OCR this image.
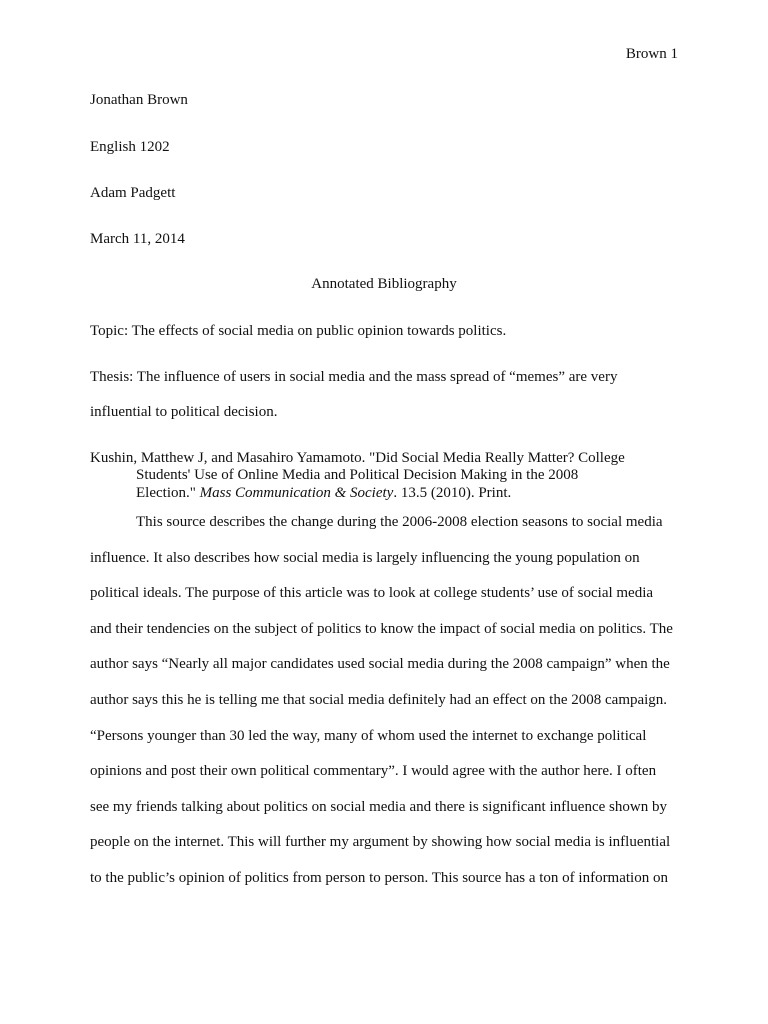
Brown 1
Jonathan Brown
English 1202
Adam Padgett
March 11, 2014
Annotated Bibliography
Topic: The effects of social media on public opinion towards politics.
Thesis: The influence of users in social media and the mass spread of “memes” are very
influential to political decision.
Kushin, Matthew J, and Masahiro Yamamoto. "Did Social Media Really Matter? College
Students' Use of Online Media and Political Decision Making in the 2008
Election." Mass Communication & Society. 13.5 (2010). Print.
This source describes the change during the 2006-2008 election seasons to social media
influence. It also describes how social media is largely influencing the young population on
political ideals. The purpose of this article was to look at college students’ use of social media
and their tendencies on the subject of politics to know the impact of social media on politics. The
author says “Nearly all major candidates used social media during the 2008 campaign” when the
author says this he is telling me that social media definitely had an effect on the 2008 campaign.
“Persons younger than 30 led the way, many of whom used the internet to exchange political
opinions and post their own political commentary”. I would agree with the author here. I often
see my friends talking about politics on social media and there is significant influence shown by
people on the internet. This will further my argument by showing how social media is influential
to the public’s opinion of politics from person to person. This source has a ton of information on
